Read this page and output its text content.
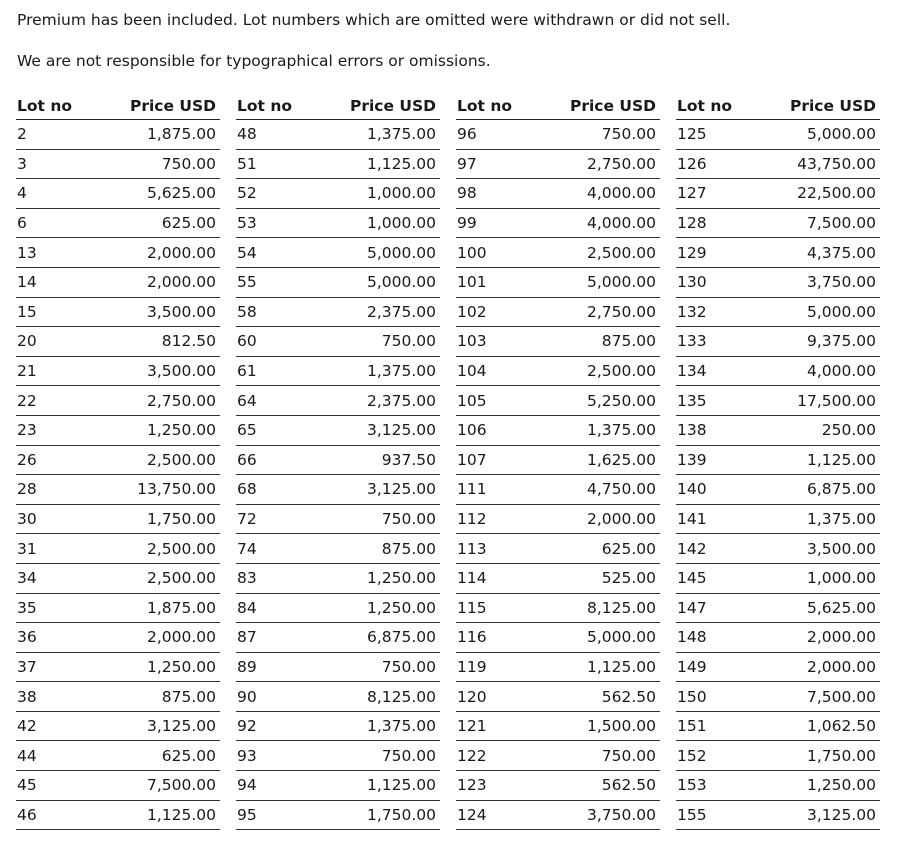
Premium has been included. Lot numbers which are omitted were withdrawn or did not sell.
We are not responsible for typographical errors or omissions.
Lot no	Price USD
2	1,875.00
3	750.00
4	5,625.00
6	625.00
13	2,000.00
14	2,000.00
15	3,500.00
20	812.50
21	3,500.00
22	2,750.00
23	1,250.00
26	2,500.00
28	13,750.00
30	1,750.00
31	2,500.00
34	2,500.00
35	1,875.00
36	2,000.00
37	1,250.00
38	875.00
42	3,125.00
44	625.00
45	7,500.00
46	1,125.00
Lot no	Price USD
48	1,375.00
51	1,125.00
52	1,000.00
53	1,000.00
54	5,000.00
55	5,000.00
58	2,375.00
60	750.00
61	1,375.00
64	2,375.00
65	3,125.00
66	937.50
68	3,125.00
72	750.00
74	875.00
83	1,250.00
84	1,250.00
87	6,875.00
89	750.00
90	8,125.00
92	1,375.00
93	750.00
94	1,125.00
95	1,750.00
Lot no	Price USD
96	750.00
97	2,750.00
98	4,000.00
99	4,000.00
100	2,500.00
101	5,000.00
102	2,750.00
103	875.00
104	2,500.00
105	5,250.00
106	1,375.00
107	1,625.00
111	4,750.00
112	2,000.00
113	625.00
114	525.00
115	8,125.00
116	5,000.00
119	1,125.00
120	562.50
121	1,500.00
122	750.00
123	562.50
124	3,750.00
Lot no	Price USD
125	5,000.00
126	43,750.00
127	22,500.00
128	7,500.00
129	4,375.00
130	3,750.00
132	5,000.00
133	9,375.00
134	4,000.00
135	17,500.00
138	250.00
139	1,125.00
140	6,875.00
141	1,375.00
142	3,500.00
145	1,000.00
147	5,625.00
148	2,000.00
149	2,000.00
150	7,500.00
151	1,062.50
152	1,750.00
153	1,250.00
155	3,125.00
